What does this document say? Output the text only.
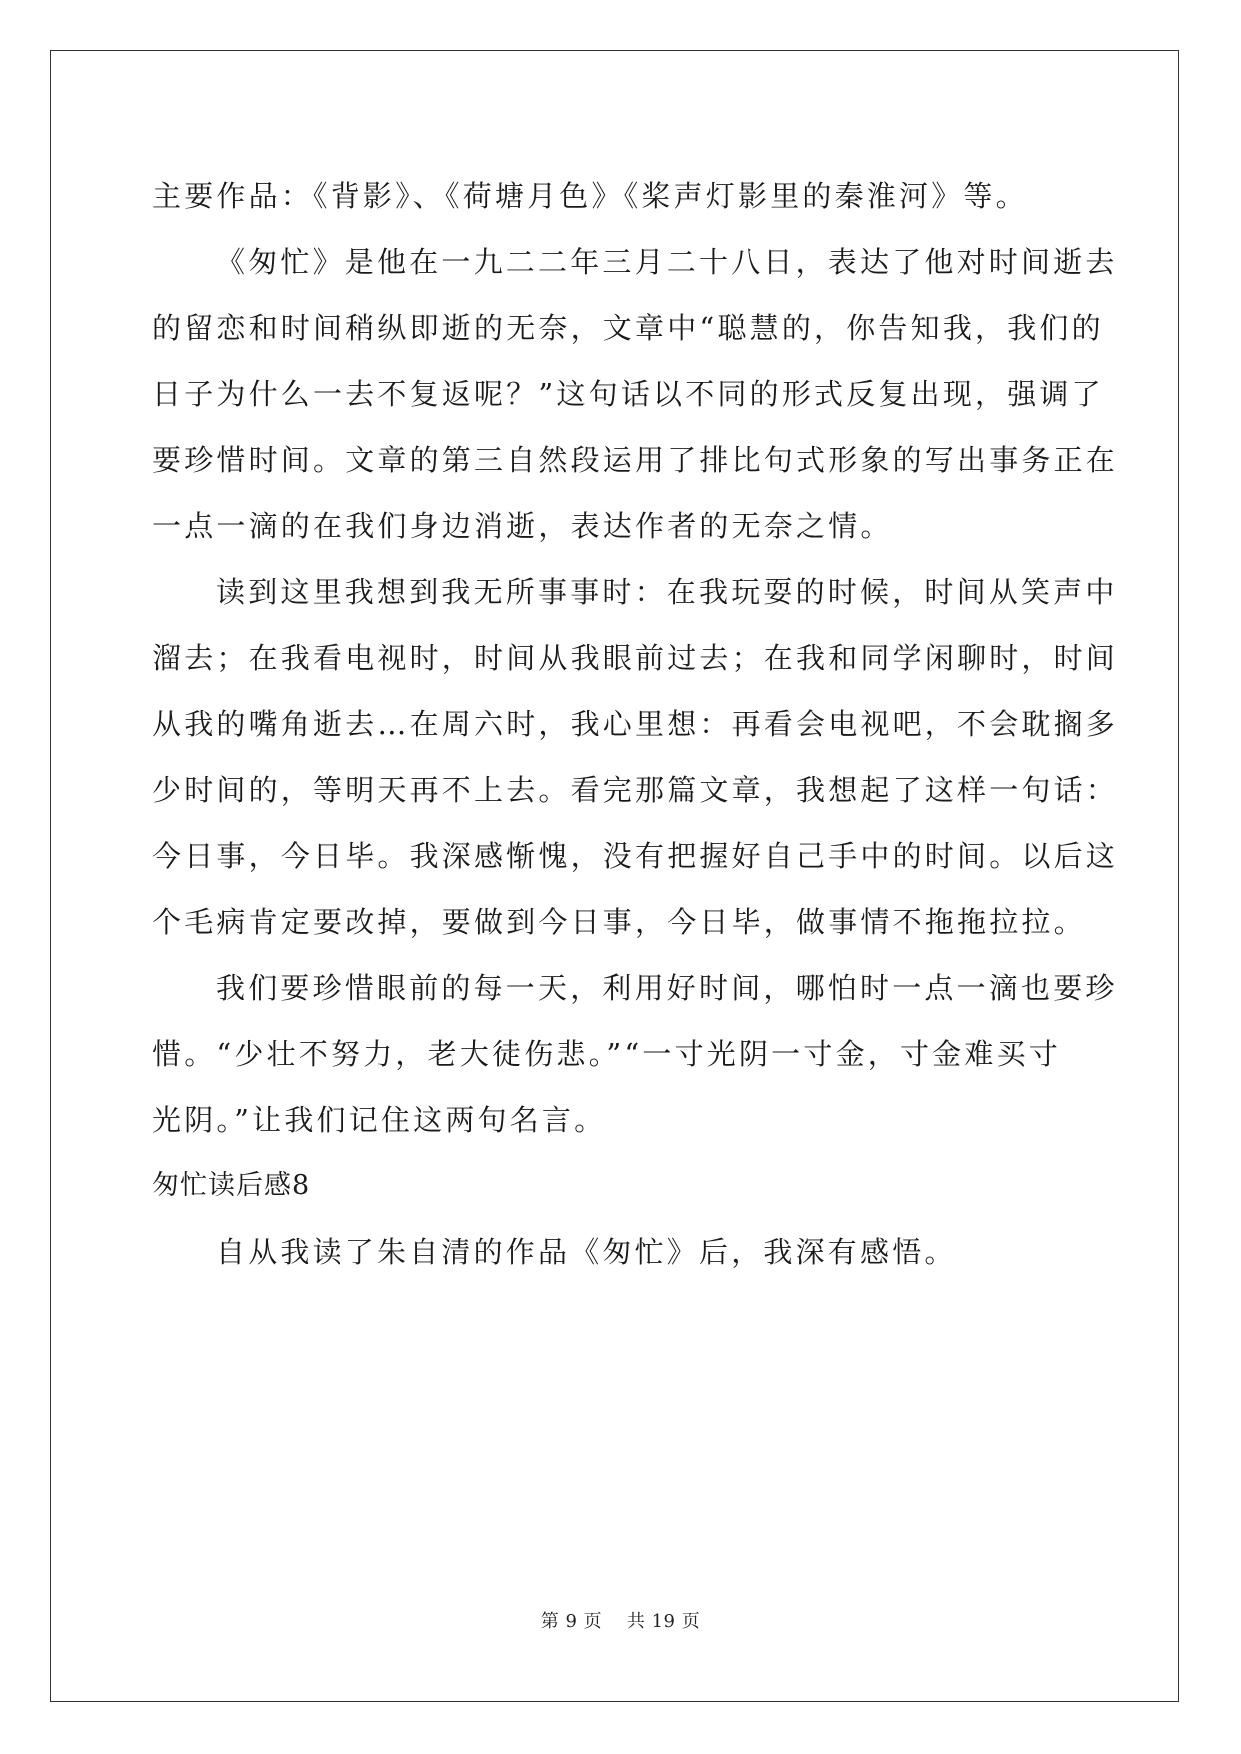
主要作品：《背影》、《荷塘月色》《桨声灯影里的秦淮河》等。
《匆忙》是他在一九二二年三月二十八日，表达了他对时间逝去
的留恋和时间稍纵即逝的无奈，文章中“聪慧的，你告知我，我们的
日子为什么一去不复返呢？”这句话以不同的形式反复出现，强调了
要珍惜时间。文章的第三自然段运用了排比句式形象的写出事务正在
一点一滴的在我们身边消逝，表达作者的无奈之情。
读到这里我想到我无所事事时：在我玩耍的时候，时间从笑声中
溜去；在我看电视时，时间从我眼前过去；在我和同学闲聊时，时间
从我的嘴角逝去…在周六时，我心里想：再看会电视吧，不会耽搁多
少时间的，等明天再不上去。看完那篇文章，我想起了这样一句话：
今日事，今日毕。我深感惭愧，没有把握好自己手中的时间。以后这
个毛病肯定要改掉，要做到今日事，今日毕，做事情不拖拖拉拉。
我们要珍惜眼前的每一天，利用好时间，哪怕时一点一滴也要珍
惜。“少壮不努力，老大徒伤悲。”“一寸光阴一寸金，寸金难买寸
光阴。”让我们记住这两句名言。
匆忙读后感8
自从我读了朱自清的作品《匆忙》后，我深有感悟。
第 9 页　 共 19 页
